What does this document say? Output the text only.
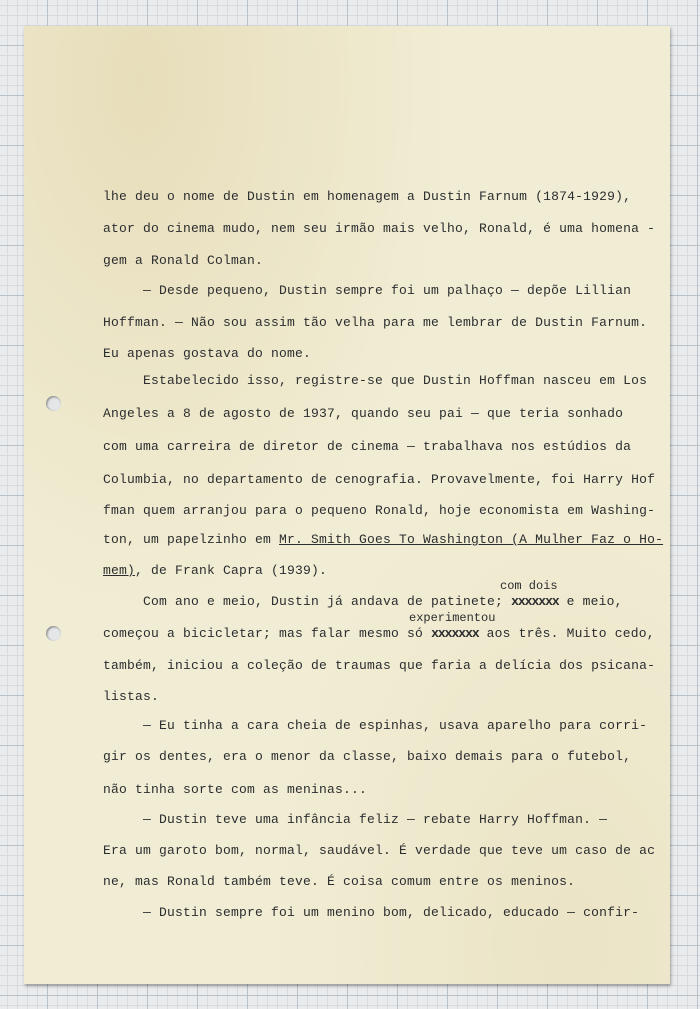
lhe deu o nome de Dustin em homenagem a Dustin Farnum (1874-1929),
ator do cinema mudo, nem seu irmão mais velho, Ronald, é uma homena -
gem a Ronald Colman.
— Desde pequeno, Dustin sempre foi um palhaço — depõe Lillian
Hoffman. — Não sou assim tão velha para me lembrar de Dustin Farnum.
Eu apenas gostava do nome.
Estabelecido isso, registre-se que Dustin Hoffman nasceu em Los
Angeles a 8 de agosto de 1937, quando seu pai — que teria sonhado
com uma carreira de diretor de cinema — trabalhava nos estúdios da
Columbia, no departamento de cenografia. Provavelmente, foi Harry Hof
fman quem arranjou para o pequeno Ronald, hoje economista em Washing-
ton, um papelzinho em Mr. Smith Goes To Washington (A Mulher Faz o Ho-
mem), de Frank Capra (1939).
com dois
Com ano e meio, Dustin já andava de patinete; xxxxxxx e meio,
experimentou
começou a bicicletar; mas falar mesmo só xxxxxxx aos três. Muito cedo,
também, iniciou a coleção de traumas que faria a delícia dos psicana-
listas.
— Eu tinha a cara cheia de espinhas, usava aparelho para corri-
gir os dentes, era o menor da classe, baixo demais para o futebol,
não tinha sorte com as meninas...
— Dustin teve uma infância feliz — rebate Harry Hoffman. —
Era um garoto bom, normal, saudável. É verdade que teve um caso de ac
ne, mas Ronald também teve. É coisa comum entre os meninos.
— Dustin sempre foi um menino bom, delicado, educado — confir-
